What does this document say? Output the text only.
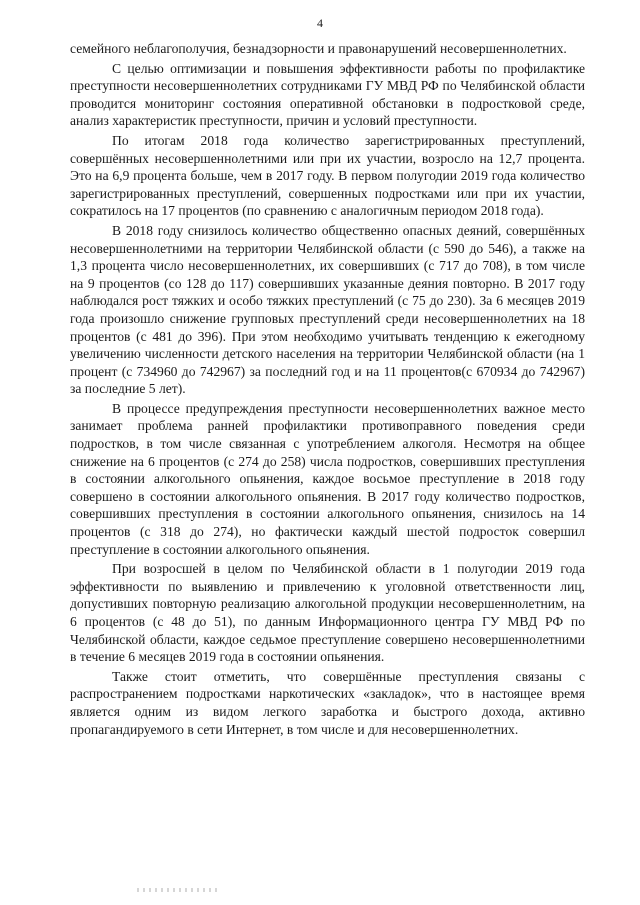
4

семейного неблагополучия, безнадзорности и правонарушений несовершеннолетних.

С целью оптимизации и повышения эффективности работы по профилактике преступности несовершеннолетних сотрудниками ГУ МВД РФ по Челябинской области проводится мониторинг состояния оперативной обстановки в подростковой среде, анализ характеристик преступности, причин и условий преступности.

По итогам 2018 года количество зарегистрированных преступлений, совершённых несовершеннолетними или при их участии, возросло на 12,7 процента. Это на 6,9 процента больше, чем в 2017 году. В первом полугодии 2019 года количество зарегистрированных преступлений, совершенных подростками или при их участии, сократилось на 17 процентов (по сравнению с аналогичным периодом 2018 года).

В 2018 году снизилось количество общественно опасных деяний, совершённых несовершеннолетними на территории Челябинской области (с 590 до 546), а также на 1,3 процента число несовершеннолетних, их совершивших (с 717 до 708), в том числе на 9 процентов (со 128 до 117) совершивших указанные деяния повторно. В 2017 году наблюдался рост тяжких и особо тяжких преступлений (с 75 до 230). За 6 месяцев 2019 года произошло снижение групповых преступлений среди несовершеннолетних на 18 процентов (с 481 до 396). При этом необходимо учитывать тенденцию к ежегодному увеличению численности детского населения на территории Челябинской области (на 1 процент (с 734960 до 742967) за последний год и на 11 процентов(с 670934 до 742967) за последние 5 лет).

В процессе предупреждения преступности несовершеннолетних важное место занимает проблема ранней профилактики противоправного поведения среди подростков, в том числе связанная с употреблением алкоголя. Несмотря на общее снижение на 6 процентов (с 274 до 258) числа подростков, совершивших преступления в состоянии алкогольного опьянения, каждое восьмое преступление в 2018 году совершено в состоянии алкогольного опьянения. В 2017 году количество подростков, совершивших преступления в состоянии алкогольного опьянения, снизилось на 14 процентов (с 318 до 274), но фактически каждый шестой подросток совершил преступление в состоянии алкогольного опьянения.

При возросшей в целом по Челябинской области в 1 полугодии 2019 года эффективности по выявлению и привлечению к уголовной ответственности лиц, допустивших повторную реализацию алкогольной продукции несовершеннолетним, на 6 процентов (с 48 до 51), по данным Информационного центра ГУ МВД РФ по Челябинской области, каждое седьмое преступление совершено несовершеннолетними в течение 6 месяцев 2019 года в состоянии опьянения.

Также стоит отметить, что совершённые преступления связаны с распространением подростками наркотических «закладок», что в настоящее время является одним из видом легкого заработка и быстрого дохода, активно пропагандируемого в сети Интернет, в том числе и для несовершеннолетних.
